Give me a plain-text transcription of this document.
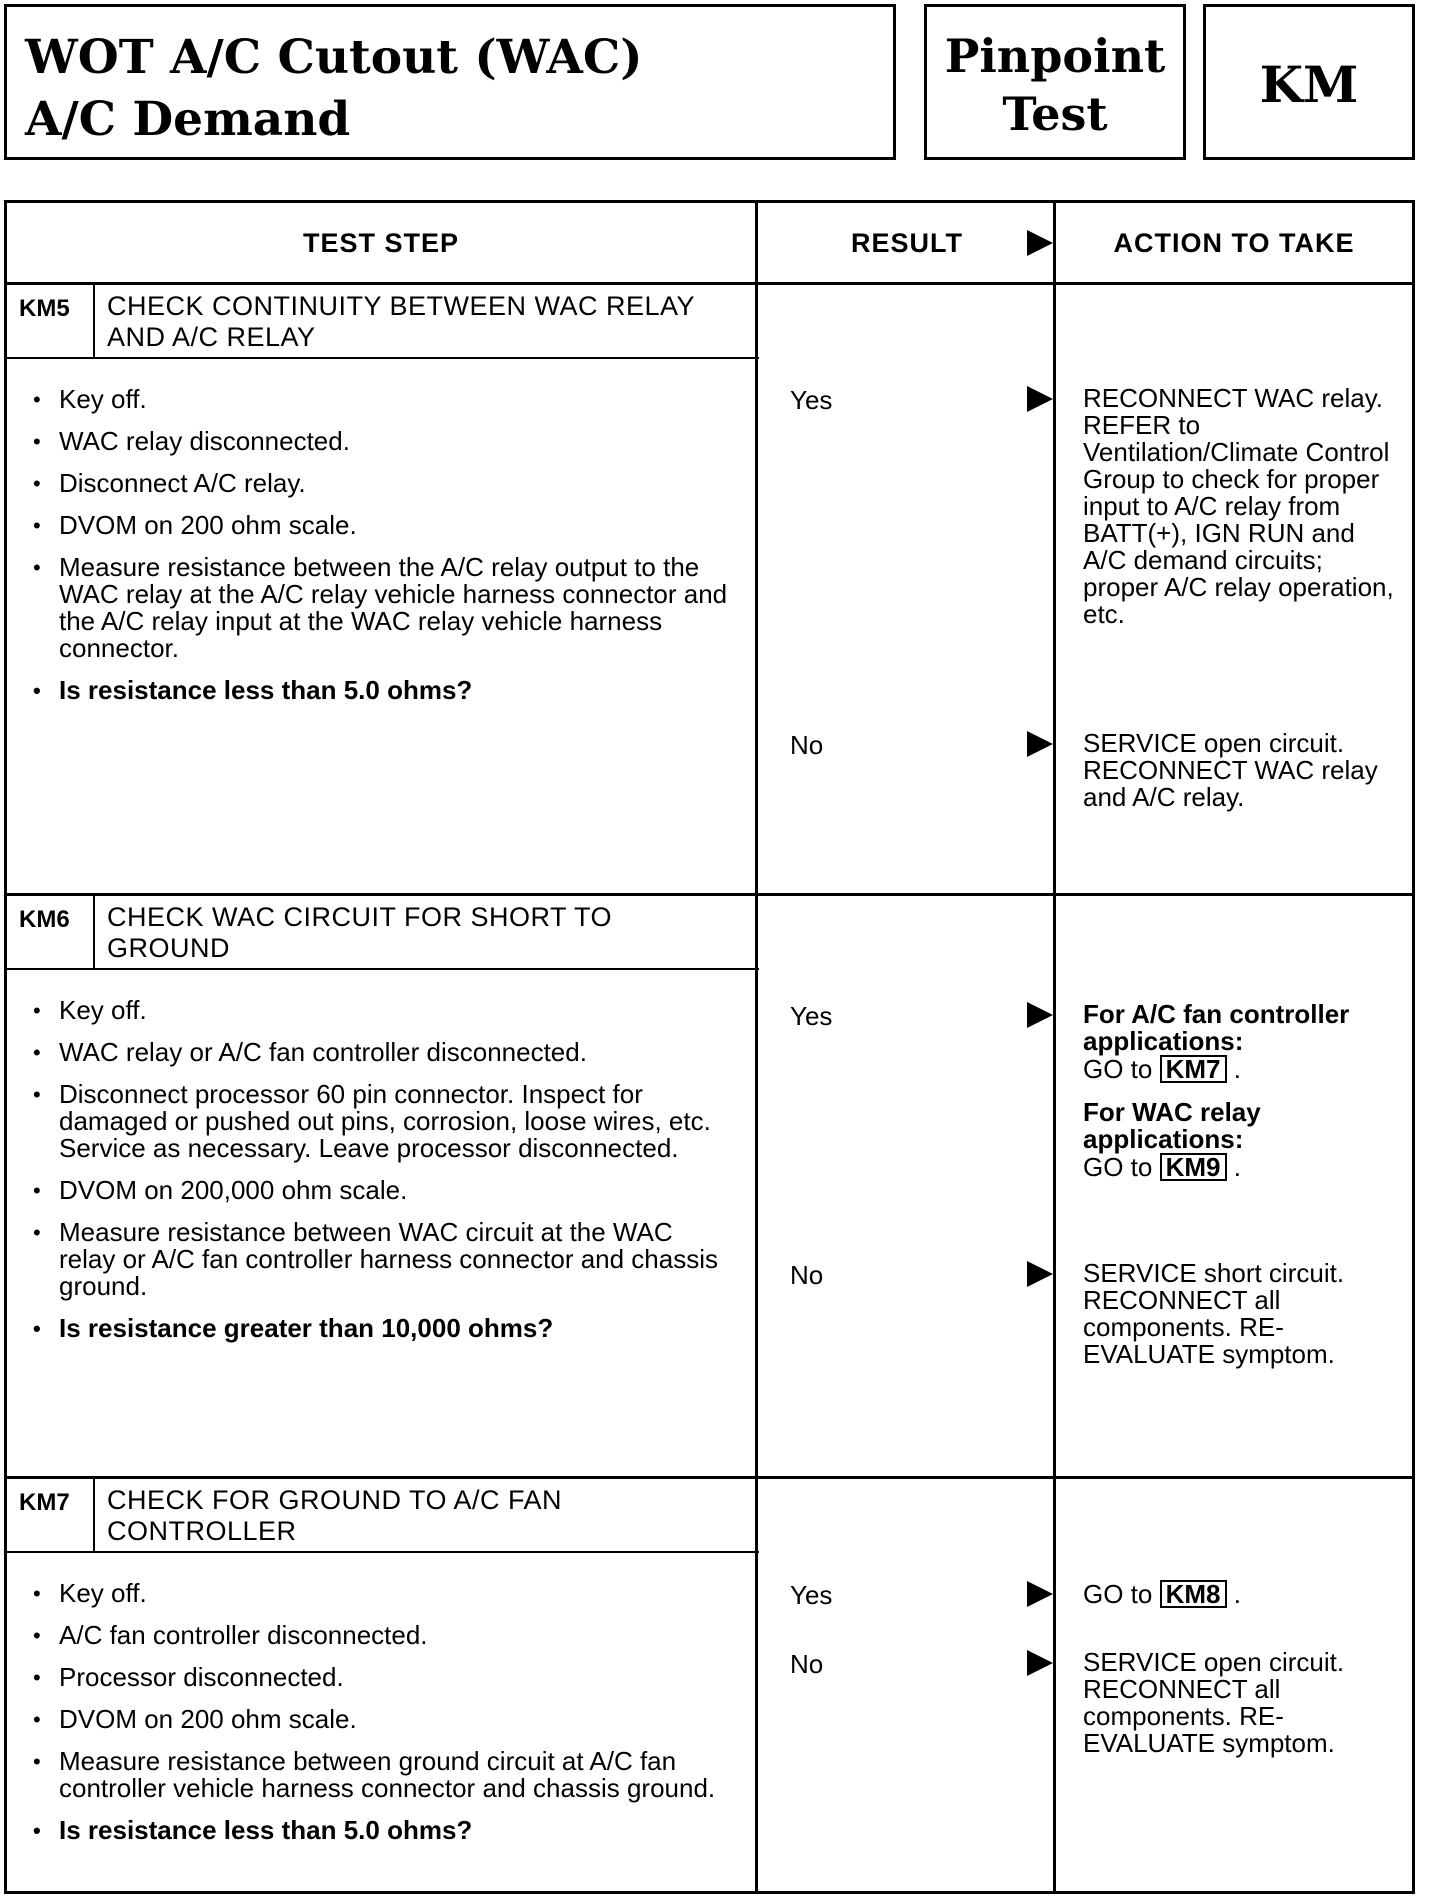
WOT A/C Cutout (WAC)
A/C Demand
Pinpoint
Test	KM
TEST STEP	RESULT	ACTION TO TAKE
KM5	CHECK CONTINUITY BETWEEN WAC RELAY AND A/C RELAY
• Key off.
• WAC relay disconnected.
• Disconnect A/C relay.
• DVOM on 200 ohm scale.
• Measure resistance between the A/C relay output to the WAC relay at the A/C relay vehicle harness connector and the A/C relay input at the WAC relay vehicle harness connector.
• Is resistance less than 5.0 ohms?
Yes	RECONNECT WAC relay. REFER to Ventilation/Climate Control Group to check for proper input to A/C relay from BATT(+), IGN RUN and A/C demand circuits; proper A/C relay operation, etc.

No	SERVICE open circuit. RECONNECT WAC relay and A/C relay.

KM6	CHECK WAC CIRCUIT FOR SHORT TO GROUND
• Key off.
• WAC relay or A/C fan controller disconnected.
• Disconnect processor 60 pin connector. Inspect for damaged or pushed out pins, corrosion, loose wires, etc. Service as necessary. Leave processor disconnected.
• DVOM on 200,000 ohm scale.
• Measure resistance between WAC circuit at the WAC relay or A/C fan controller harness connector and chassis ground.
• Is resistance greater than 10,000 ohms?
Yes	For A/C fan controller applications:
GO to KM7 .

For WAC relay applications:
GO to KM9 .

No	SERVICE short circuit. RECONNECT all components. RE-EVALUATE symptom.

KM7	CHECK FOR GROUND TO A/C FAN CONTROLLER
• Key off.
• A/C fan controller disconnected.
• Processor disconnected.
• DVOM on 200 ohm scale.
• Measure resistance between ground circuit at A/C fan controller vehicle harness connector and chassis ground.
• Is resistance less than 5.0 ohms?
Yes	GO to KM8 .

No	SERVICE open circuit. RECONNECT all components. RE-EVALUATE symptom.
